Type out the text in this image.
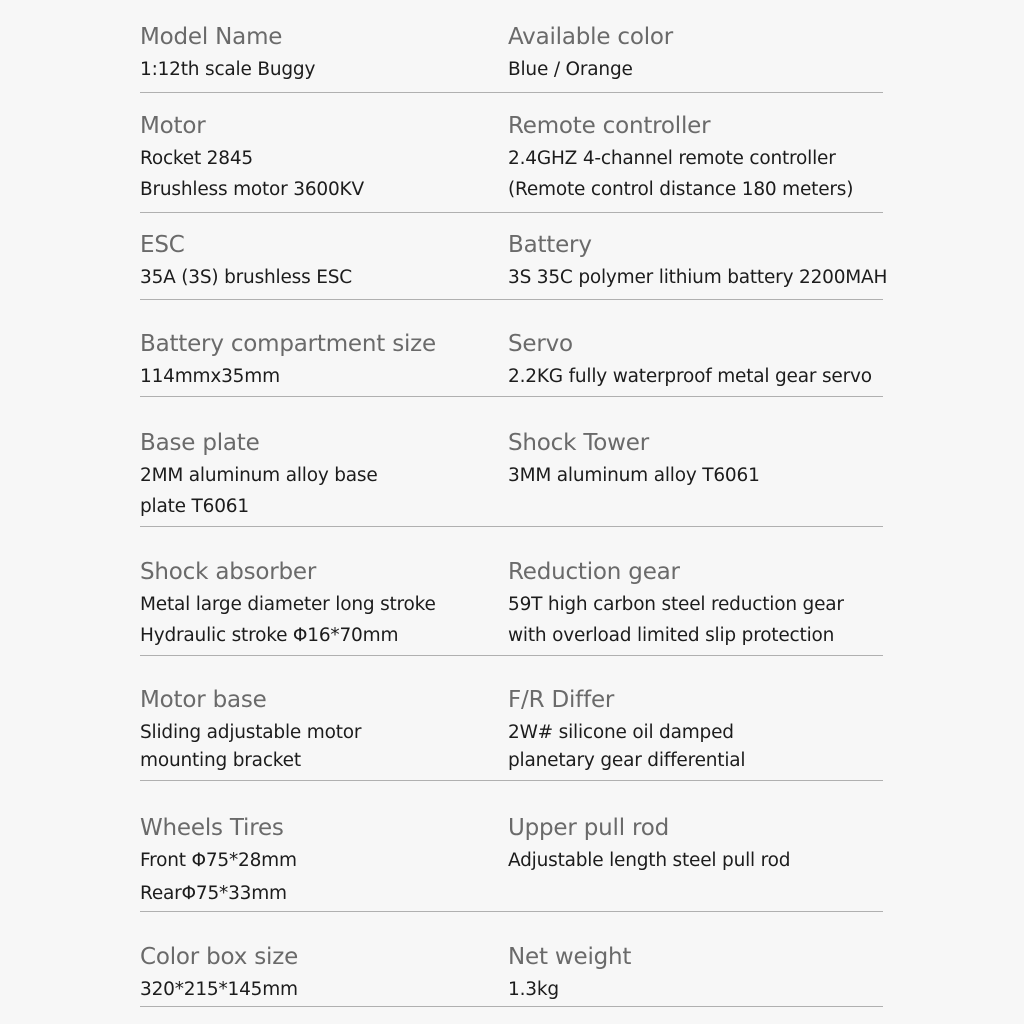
Model Name
1:12th scale Buggy
Available color
Blue / Orange
Motor
Rocket 2845
Brushless motor 3600KV
Remote controller
2.4GHZ 4-channel remote controller
(Remote control distance 180 meters)
ESC
35A (3S) brushless ESC
Battery
3S 35C polymer lithium battery 2200MAH
Battery compartment size
114mmx35mm
Servo
2.2KG fully waterproof metal gear servo
Base plate
2MM aluminum alloy base
plate T6061
Shock Tower
3MM aluminum alloy T6061
Shock absorber
Metal large diameter long stroke
Hydraulic stroke Φ16*70mm
Reduction gear
59T high carbon steel reduction gear
with overload limited slip protection
Motor base
Sliding adjustable motor
mounting bracket
F/R Differ
2W# silicone oil damped
planetary gear differential
Wheels Tires
Front Φ75*28mm
RearΦ75*33mm
Upper pull rod
Adjustable length steel pull rod
Color box size
320*215*145mm
Net weight
1.3kg
